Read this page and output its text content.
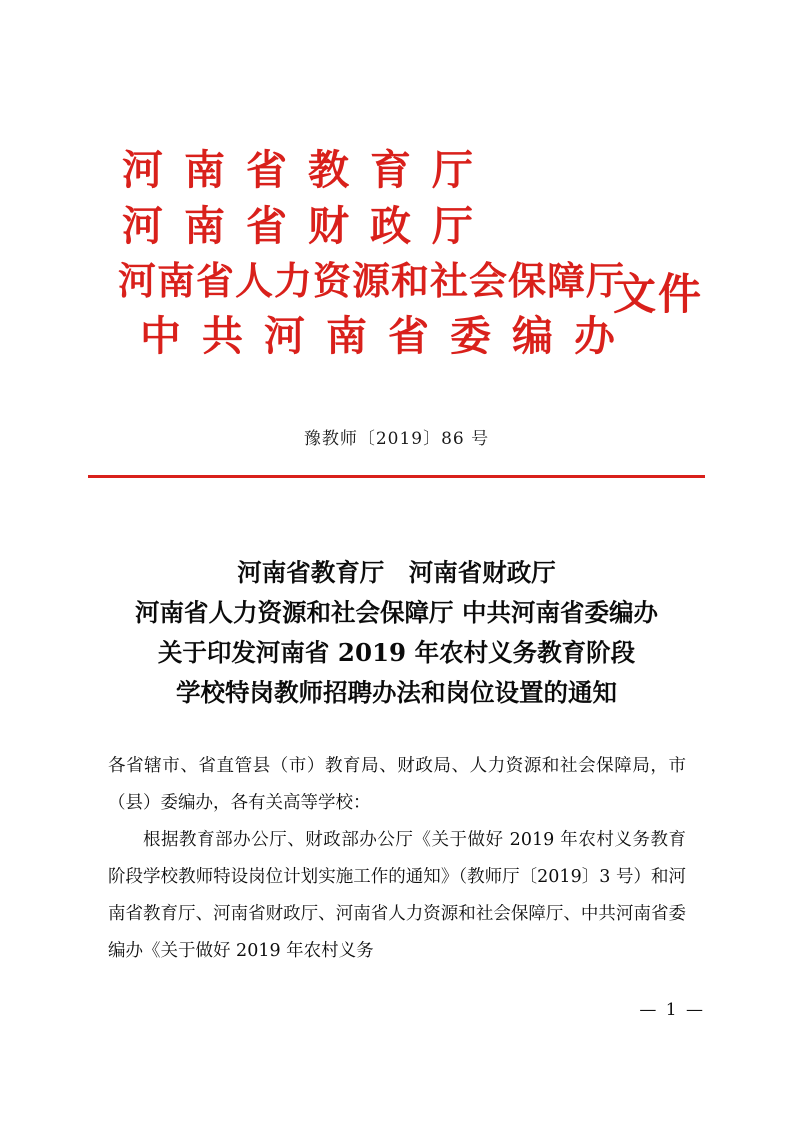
河南省教育厅
河南省财政厅
河南省人力资源和社会保障厅
中共河南省委编办
文件
豫教师〔2019〕86 号
河南省教育厅　河南省财政厅
河南省人力资源和社会保障厅 中共河南省委编办
关于印发河南省 2019 年农村义务教育阶段
学校特岗教师招聘办法和岗位设置的通知

各省辖市、省直管县（市）教育局、财政局、人力资源和社会保障局，市（县）委编办，各有关高等学校：

根据教育部办公厅、财政部办公厅《关于做好 2019 年农村义务教育阶段学校教师特设岗位计划实施工作的通知》（教师厅〔2019〕3 号）和河南省教育厅、河南省财政厅、河南省人力资源和社会保障厅、中共河南省委编办《关于做好 2019 年农村义务

— 1 —
